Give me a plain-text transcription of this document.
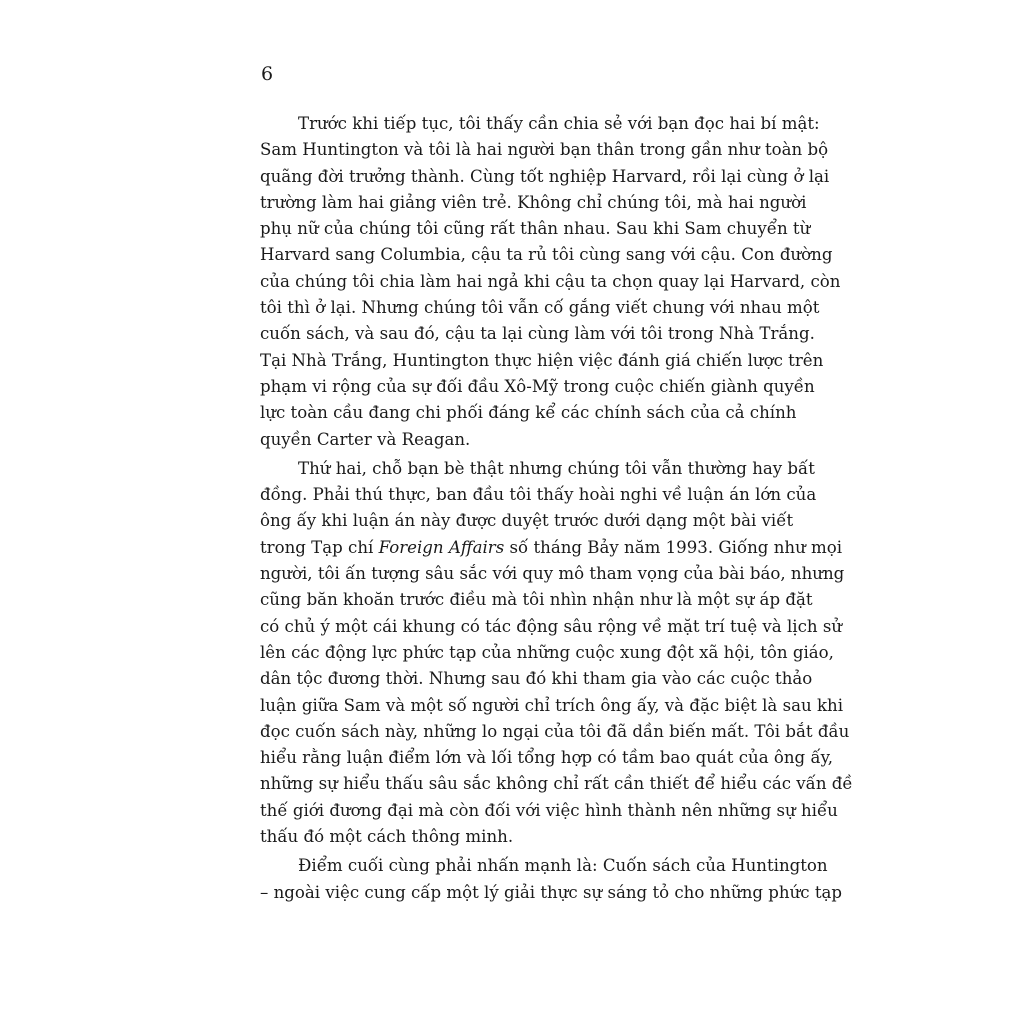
6
Trước khi tiếp tục, tôi thấy cần chia sẻ với bạn đọc hai bí mật:
Sam Huntington và tôi là hai người bạn thân trong gần như toàn bộ
quãng đời trưởng thành. Cùng tốt nghiệp Harvard, rồi lại cùng ở lại
trường làm hai giảng viên trẻ. Không chỉ chúng tôi, mà hai người
phụ nữ của chúng tôi cũng rất thân nhau. Sau khi Sam chuyển từ
Harvard sang Columbia, cậu ta rủ tôi cùng sang với cậu. Con đường
của chúng tôi chia làm hai ngả khi cậu ta chọn quay lại Harvard, còn
tôi thì ở lại. Nhưng chúng tôi vẫn cố gắng viết chung với nhau một
cuốn sách, và sau đó, cậu ta lại cùng làm với tôi trong Nhà Trắng.
Tại Nhà Trắng, Huntington thực hiện việc đánh giá chiến lược trên
phạm vi rộng của sự đối đầu Xô-Mỹ trong cuộc chiến giành quyền
lực toàn cầu đang chi phối đáng kể các chính sách của cả chính
quyền Carter và Reagan.
Thứ hai, chỗ bạn bè thật nhưng chúng tôi vẫn thường hay bất
đồng. Phải thú thực, ban đầu tôi thấy hoài nghi về luận án lớn của
ông ấy khi luận án này được duyệt trước dưới dạng một bài viết
trong Tạp chí Foreign Affairs số tháng Bảy năm 1993. Giống như mọi
người, tôi ấn tượng sâu sắc với quy mô tham vọng của bài báo, nhưng
cũng băn khoăn trước điều mà tôi nhìn nhận như là một sự áp đặt
có chủ ý một cái khung có tác động sâu rộng về mặt trí tuệ và lịch sử
lên các động lực phức tạp của những cuộc xung đột xã hội, tôn giáo,
dân tộc đương thời. Nhưng sau đó khi tham gia vào các cuộc thảo
luận giữa Sam và một số người chỉ trích ông ấy, và đặc biệt là sau khi
đọc cuốn sách này, những lo ngại của tôi đã dần biến mất. Tôi bắt đầu
hiểu rằng luận điểm lớn và lối tổng hợp có tầm bao quát của ông ấy,
những sự hiểu thấu sâu sắc không chỉ rất cần thiết để hiểu các vấn đề
thế giới đương đại mà còn đối với việc hình thành nên những sự hiểu
thấu đó một cách thông minh.
Điểm cuối cùng phải nhấn mạnh là: Cuốn sách của Huntington
– ngoài việc cung cấp một lý giải thực sự sáng tỏ cho những phức tạp
